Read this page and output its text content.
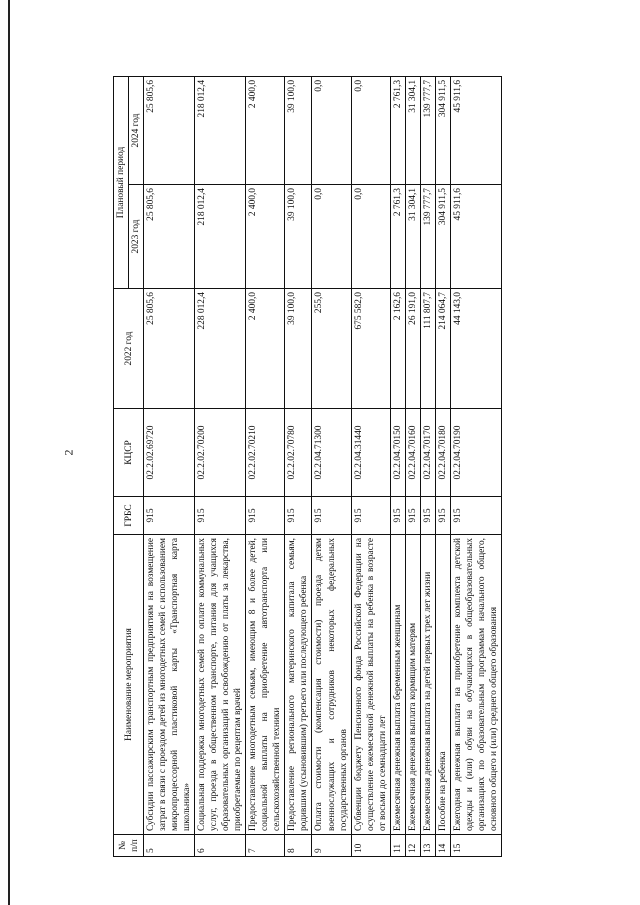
2
№ п/п	Наименование мероприятия	ГРБС	КЦСР	2022 год	Плановый период	
					2023 год	2024 год
5	Субсидии пассажирским транспортным предприятиям на возмещение затрат в связи с проездом детей из многодетных семей с использованием микропроцессорной пластиковой карты «Транспортная карта школьника»	915	02.2.02.69720	25 805,6	25 805,6	25 805,6
6	Социальная поддержка многодетных семей по оплате коммунальных услуг, проезда в общественном транспорте, питания для учащихся образовательных организаций и освобождению от платы за лекарства, приобретаемые по рецептам врачей	915	02.2.02.70200	228 012,4	218 012,4	218 012,4
7	Предоставление многодетным семьям, имеющим 8 и более детей, социальной выплаты на приобретение автотранспорта или сельскохозяйственной техники	915	02.2.02.70210	2 400,0	2 400,0	2 400,0
8	Предоставление регионального материнского капитала семьям, родившим (усыновившим) третьего или последующего ребенка	915	02.2.02.70780	39 100,0	39 100,0	39 100,0
9	Оплата стоимости (компенсация стоимости) проезда детям военнослужащих и сотрудников некоторых федеральных государственных органов	915	02.2.04.71300	255,0	0,0	0,0
10	Субвенции бюджету Пенсионного фонда Российской Федерации на осуществление ежемесячной денежной выплаты на ребенка в возрасте от восьми до семнадцати лет	915	02.2.04.31440	675 582,0	0,0	0,0
11	Ежемесячная денежная выплата беременным женщинам	915	02.2.04.70150	2 162,6	2 761,3	2 761,3
12	Ежемесячная денежная выплата кормящим матерям	915	02.2.04.70160	26 191,0	31 304,1	31 304,1
13	Ежемесячная денежная выплата на детей первых трех лет жизни	915	02.2.04.70170	111 807,7	139 777,7	139 777,7
14	Пособие на ребенка	915	02.2.04.70180	214 064,7	304 911,5	304 911,5
15	Ежегодная денежная выплата на приобретение комплекта детской одежды и (или) обуви на обучающихся в общеобразовательных организациях по образовательным программам начального общего, основного общего и (или) среднего общего образования	915	02.2.04.70190	44 143,0	45 911,6	45 911,6
